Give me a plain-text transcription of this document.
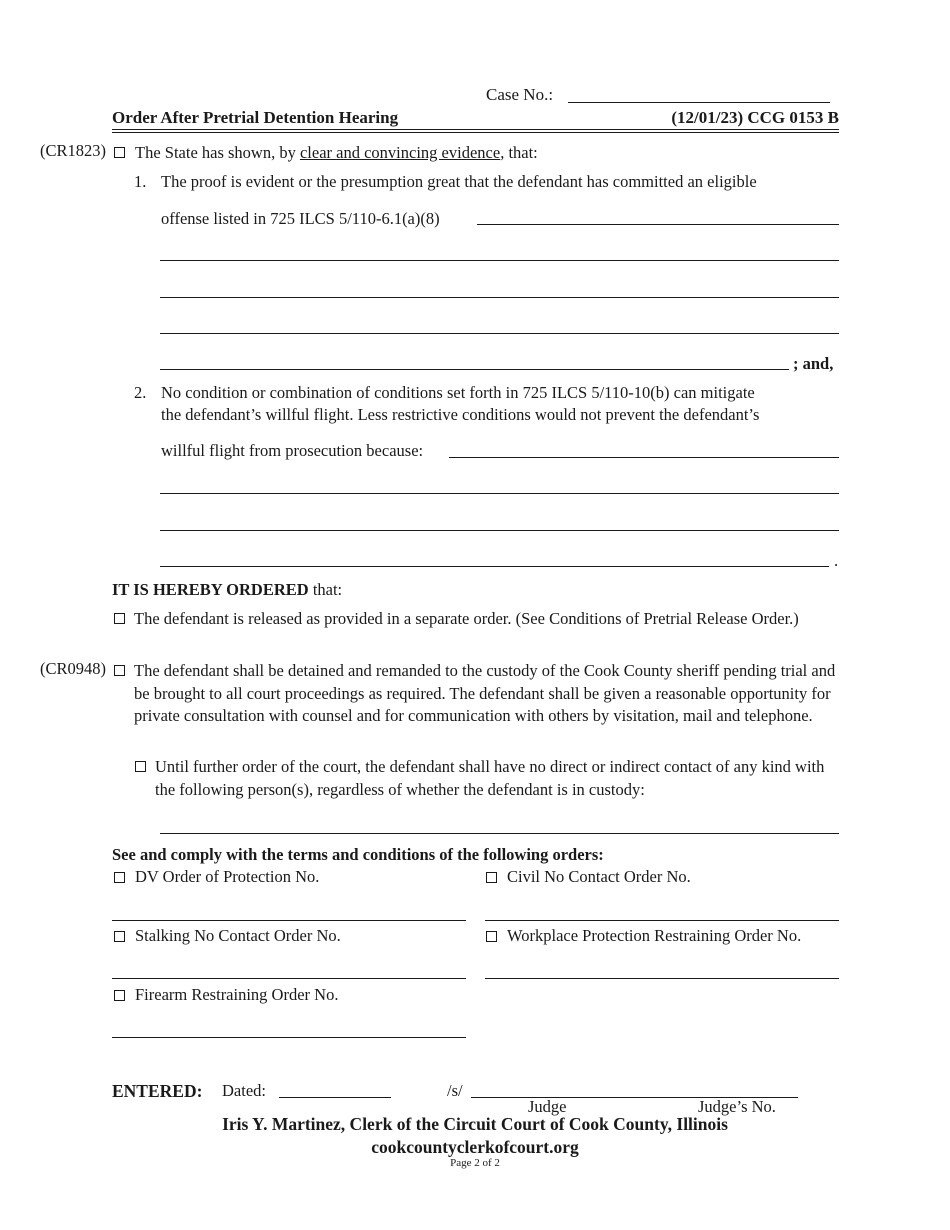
Case No.:
Order After Pretrial Detention Hearing	(12/01/23) CCG 0153 B
(CR1823) The State has shown, by clear and convincing evidence, that:
1. The proof is evident or the presumption great that the defendant has committed an eligible
offense listed in 725 ILCS 5/110-6.1(a)(8)
; and,
2. No condition or combination of conditions set forth in 725 ILCS 5/110-10(b) can mitigate
the defendant’s willful flight. Less restrictive conditions would not prevent the defendant’s
willful flight from prosecution because:
.
IT IS HEREBY ORDERED that:
The defendant is released as provided in a separate order. (See Conditions of Pretrial Release Order.)
(CR0948) The defendant shall be detained and remanded to the custody of the Cook County sheriff pending trial and be brought to all court proceedings as required. The defendant shall be given a reasonable opportunity for private consultation with counsel and for communication with others by visitation, mail and telephone.
Until further order of the court, the defendant shall have no direct or indirect contact of any kind with the following person(s), regardless of whether the defendant is in custody:
See and comply with the terms and conditions of the following orders:
DV Order of Protection No.	Civil No Contact Order No.
Stalking No Contact Order No.	Workplace Protection Restraining Order No.
Firearm Restraining Order No.
ENTERED: Dated:	/s/
Judge	Judge’s No.
Iris Y. Martinez, Clerk of the Circuit Court of Cook County, Illinois
cookcountyclerkofcourt.org
Page 2 of 2
